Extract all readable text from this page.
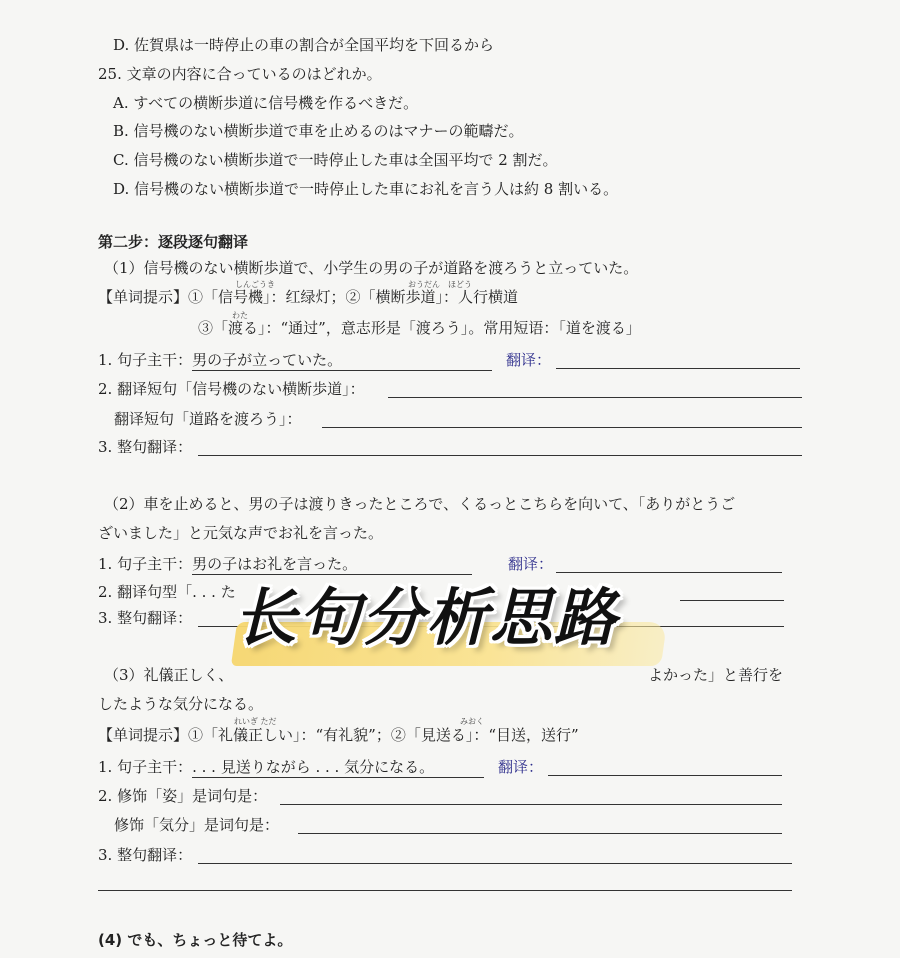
D. 佐賀県は一時停止の車の割合が全国平均を下回るから
25. 文章の内容に合っているのはどれか。
A. すべての横断歩道に信号機を作るべきだ。
B. 信号機のない横断歩道で車を止めるのはマナーの範疇だ。
C. 信号機のない横断歩道で一時停止した車は全国平均で 2 割だ。
D. 信号機のない横断歩道で一時停止した車にお礼を言う人は約 8 割いる。
第二步：逐段逐句翻译
（1）信号機のない横断歩道で、小学生の男の子が道路を渡ろうと立っていた。
しんごうき	おうだん　ほどう
【单词提示】①「信号機」：红绿灯；②「横断歩道」：人行横道
わた
③「渡る」：“通过”，意志形是「渡ろう」。常用短语：「道を渡る」
1. 句子主干：男の子が立っていた。	翻译：
2. 翻译短句「信号機のない横断歩道」：
翻译短句「道路を渡ろう」：
3. 整句翻译：
（2）車を止めると、男の子は渡りきったところで、くるっとこちらを向いて、「ありがとうご
ざいました」と元気な声でお礼を言った。
1. 句子主干：男の子はお礼を言った。	翻译：
2. 翻译句型「. . . た
3. 整句翻译：
（3）礼儀正しく、	よかった」と善行を
したような気分になる。
れいぎ ただ	みおく
【单词提示】①「礼儀正しい」：“有礼貌”；②「見送る」：“目送，送行”
1. 句子主干：. . . 見送りながら . . . 気分になる。	翻译：
2. 修饰「姿」是词句是：
修饰「気分」是词句是：
3. 整句翻译：
(4) でも、ちょっと待てよ。
长句分析思路
